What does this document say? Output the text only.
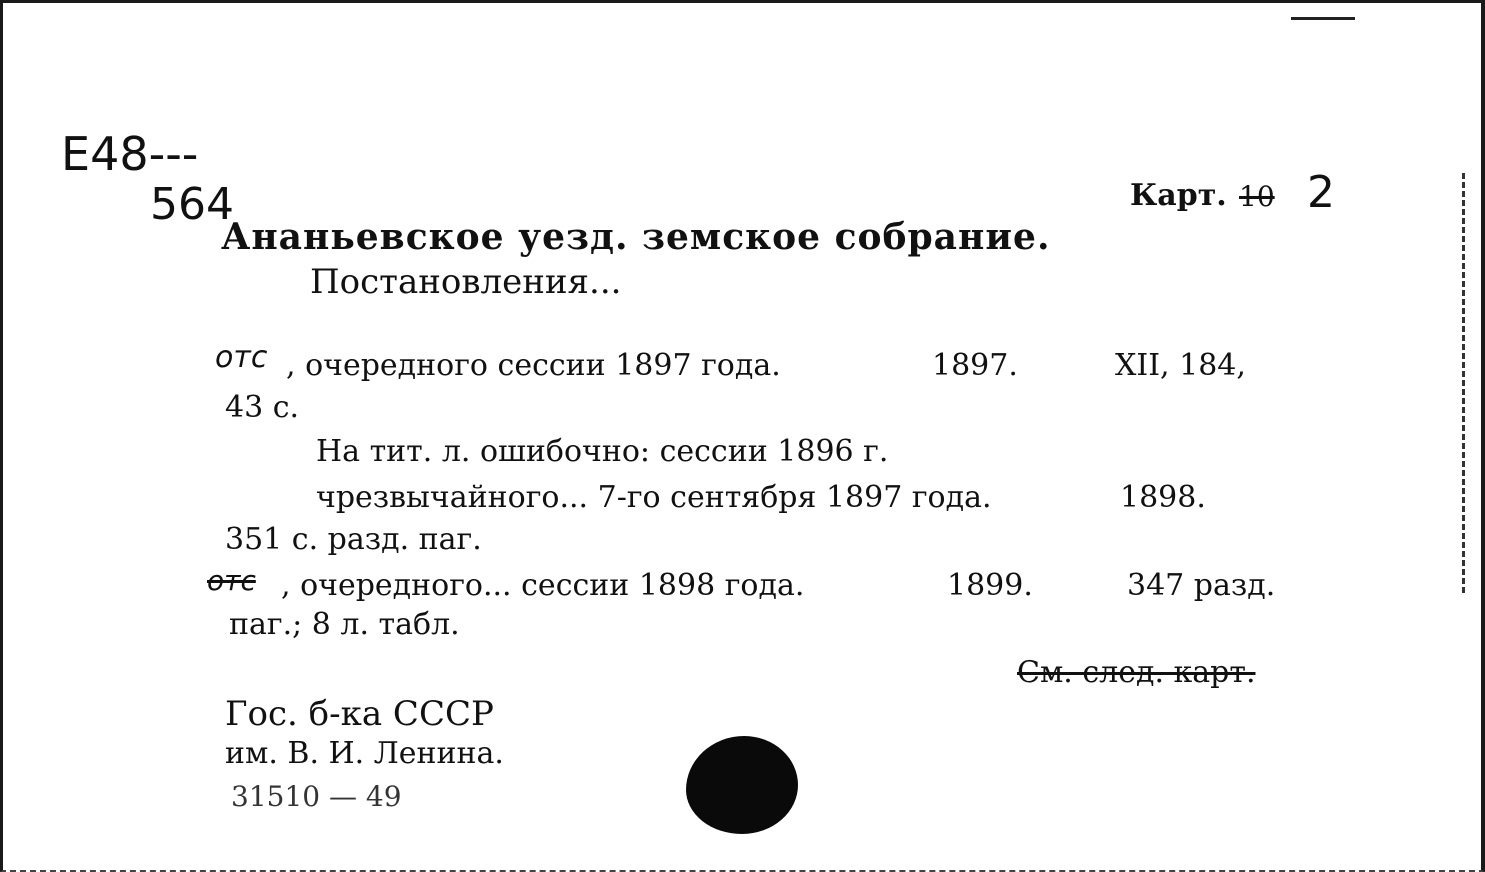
E48---
564	Карт. 10 2
Ананьевское уезд. земское собрание.
Постановления...
отс , очередного сессии 1897 года.	1897.	XII, 184,
43 с.
На тит. л. ошибочно: сессии 1896 г.
чрезвычайного... 7-го сентября 1897 года.	1898.
351 с. разд. паг.
отс , очередного... сессии 1898 года.	1899.	347 разд.
паг.; 8 л. табл.
См. след. карт.
Гос. б-ка СССР
им. В. И. Ленина.
31510 — 49
